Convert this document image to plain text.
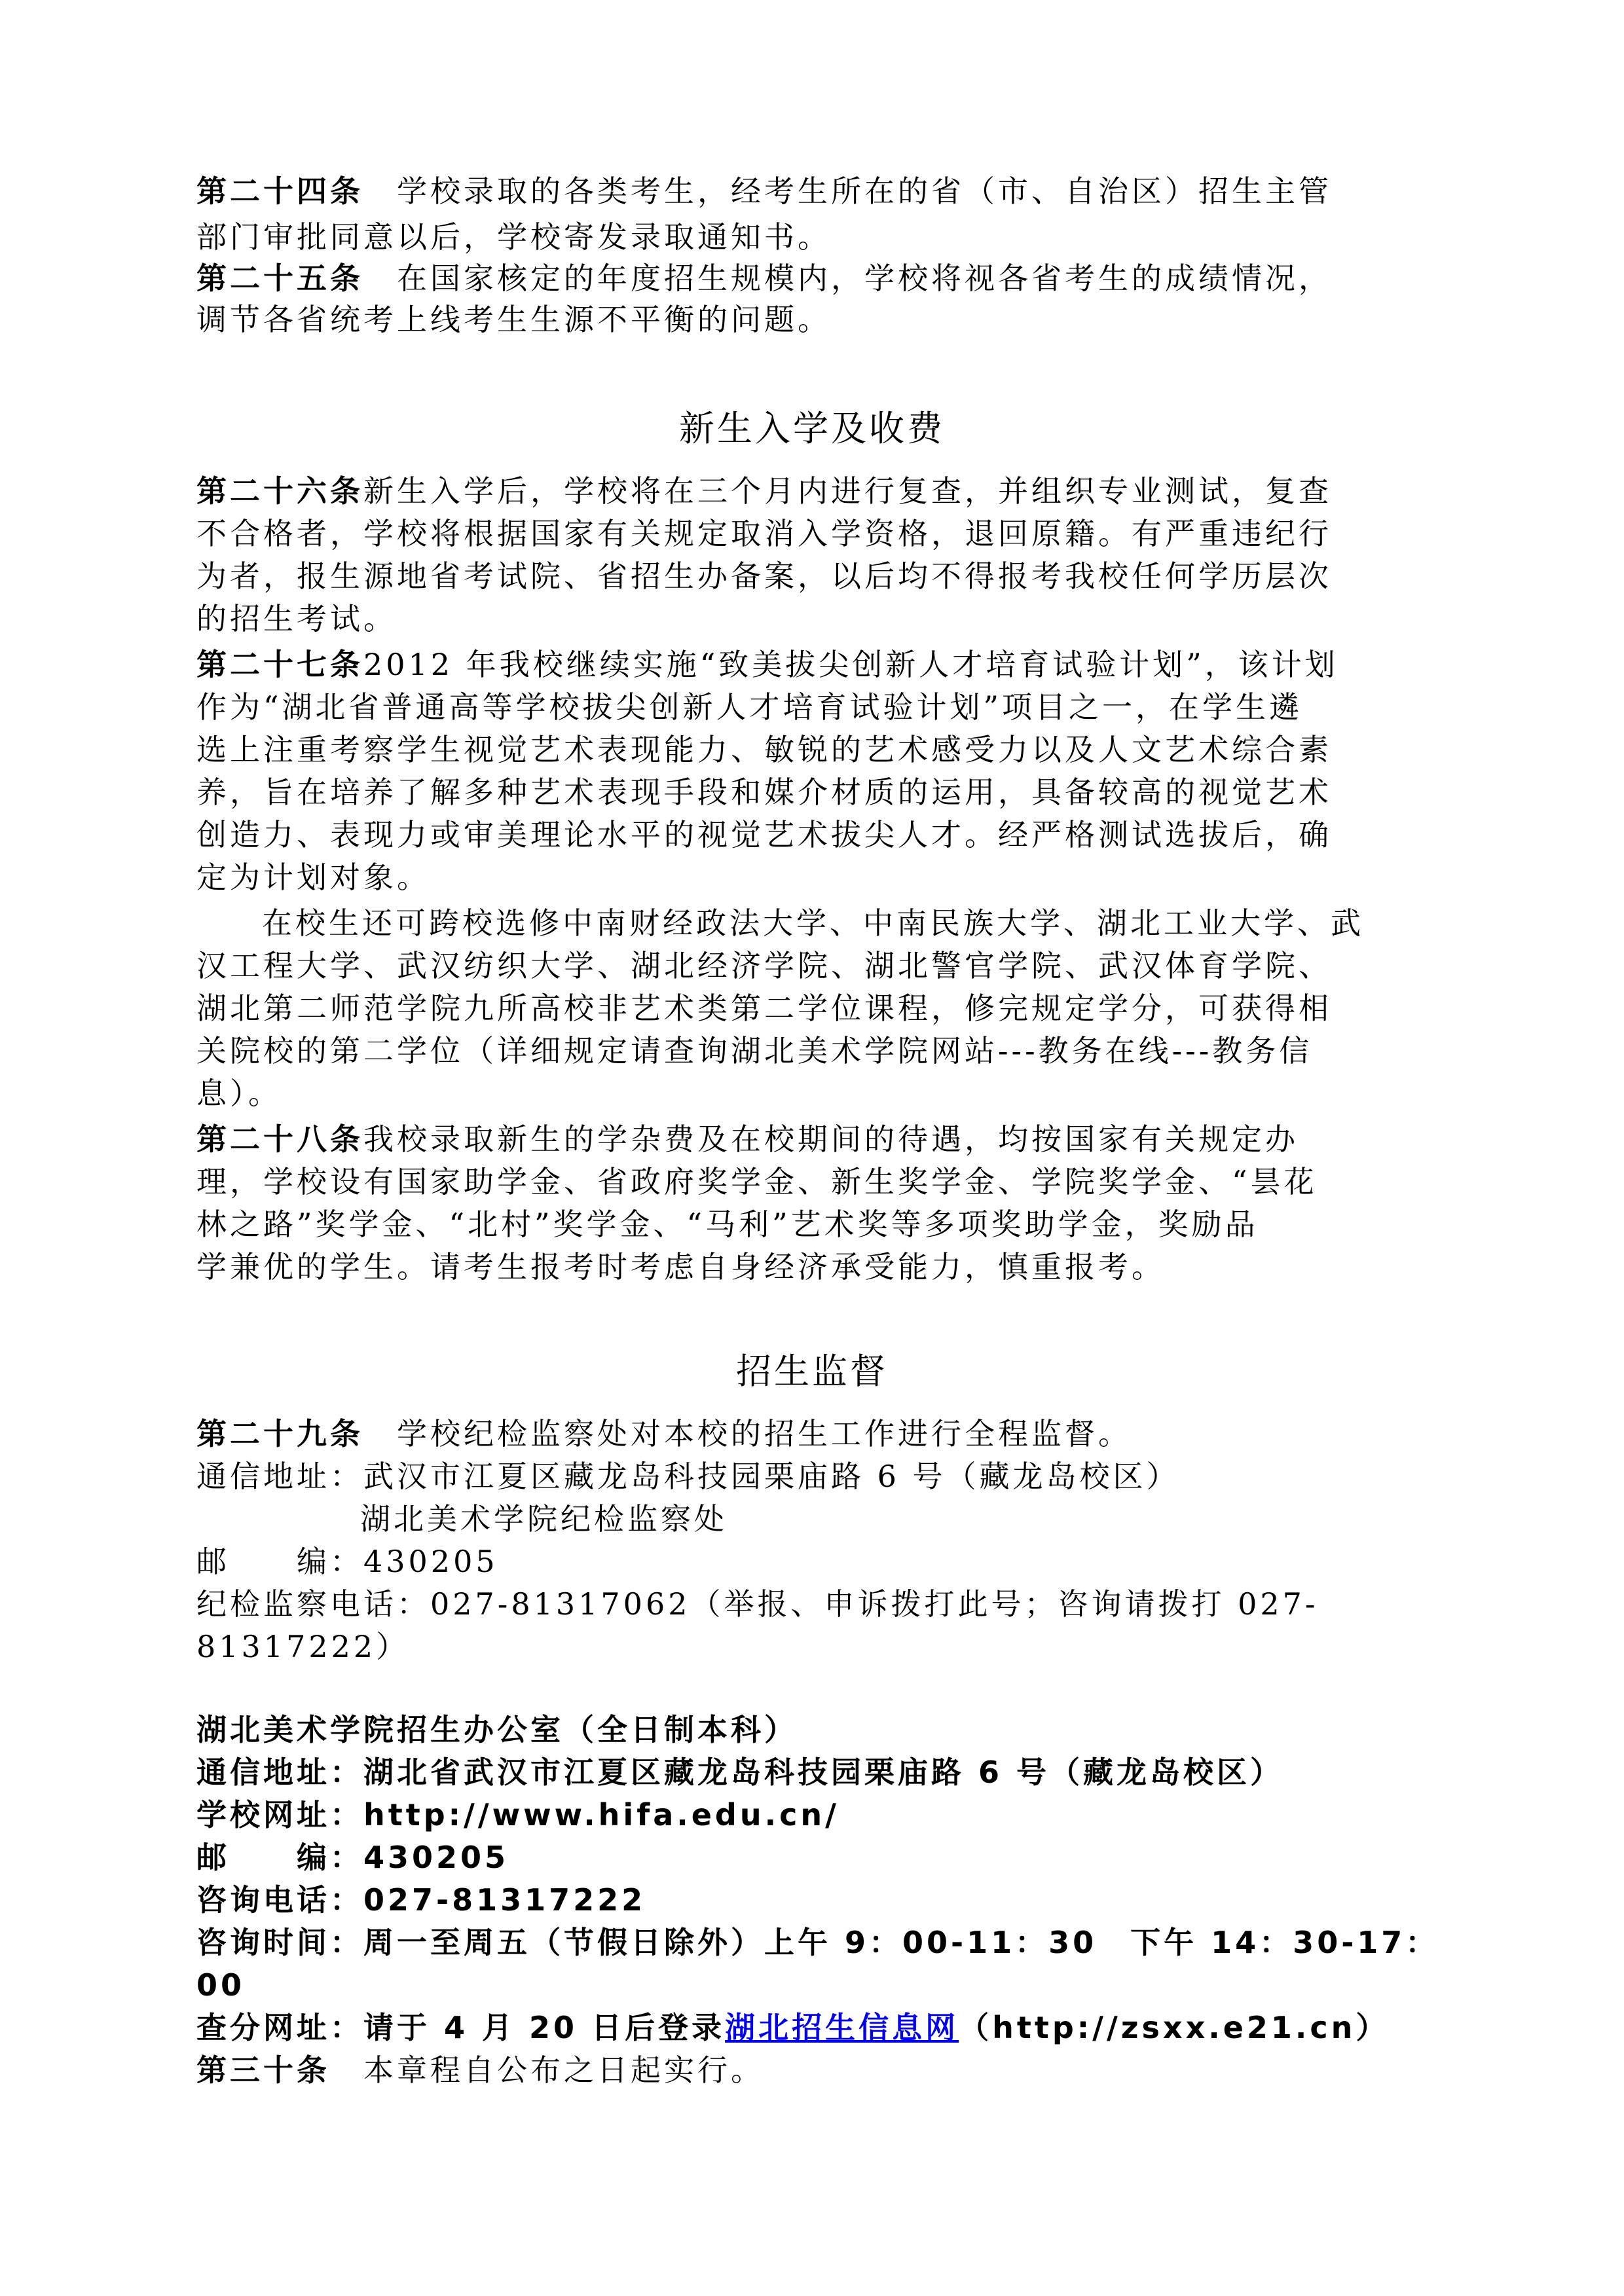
第二十四条　学校录取的各类考生，经考生所在的省（市、自治区）招生主管
部门审批同意以后，学校寄发录取通知书。
第二十五条　在国家核定的年度招生规模内，学校将视各省考生的成绩情况，
调节各省统考上线考生生源不平衡的问题。
新生入学及收费
第二十六条新生入学后，学校将在三个月内进行复查，并组织专业测试，复查
不合格者，学校将根据国家有关规定取消入学资格，退回原籍。有严重违纪行
为者，报生源地省考试院、省招生办备案，以后均不得报考我校任何学历层次
的招生考试。
第二十七条2012 年我校继续实施“致美拔尖创新人才培育试验计划”，该计划
作为“湖北省普通高等学校拔尖创新人才培育试验计划”项目之一，在学生遴
选上注重考察学生视觉艺术表现能力、敏锐的艺术感受力以及人文艺术综合素
养，旨在培养了解多种艺术表现手段和媒介材质的运用，具备较高的视觉艺术
创造力、表现力或审美理论水平的视觉艺术拔尖人才。经严格测试选拔后，确
定为计划对象。
在校生还可跨校选修中南财经政法大学、中南民族大学、湖北工业大学、武
汉工程大学、武汉纺织大学、湖北经济学院、湖北警官学院、武汉体育学院、
湖北第二师范学院九所高校非艺术类第二学位课程，修完规定学分，可获得相
关院校的第二学位（详细规定请查询湖北美术学院网站---教务在线---教务信
息）。
第二十八条我校录取新生的学杂费及在校期间的待遇，均按国家有关规定办
理，学校设有国家助学金、省政府奖学金、新生奖学金、学院奖学金、“昙花
林之路”奖学金、“北村”奖学金、“马利”艺术奖等多项奖助学金，奖励品
学兼优的学生。请考生报考时考虑自身经济承受能力，慎重报考。
招生监督
第二十九条　学校纪检监察处对本校的招生工作进行全程监督。
通信地址：武汉市江夏区藏龙岛科技园栗庙路 6 号（藏龙岛校区）
湖北美术学院纪检监察处
邮　　编：430205
纪检监察电话：027-81317062（举报、申诉拨打此号；咨询请拨打 027-
81317222）
湖北美术学院招生办公室（全日制本科）
通信地址：湖北省武汉市江夏区藏龙岛科技园栗庙路 6 号（藏龙岛校区）
学校网址：http://www.hifa.edu.cn/
邮　　编：430205
咨询电话：027-81317222
咨询时间：周一至周五（节假日除外）上午 9：00-11：30　下午 14：30-17：
00
查分网址：请于 4 月 20 日后登录湖北招生信息网（http://zsxx.e21.cn）
第三十条　本章程自公布之日起实行。
